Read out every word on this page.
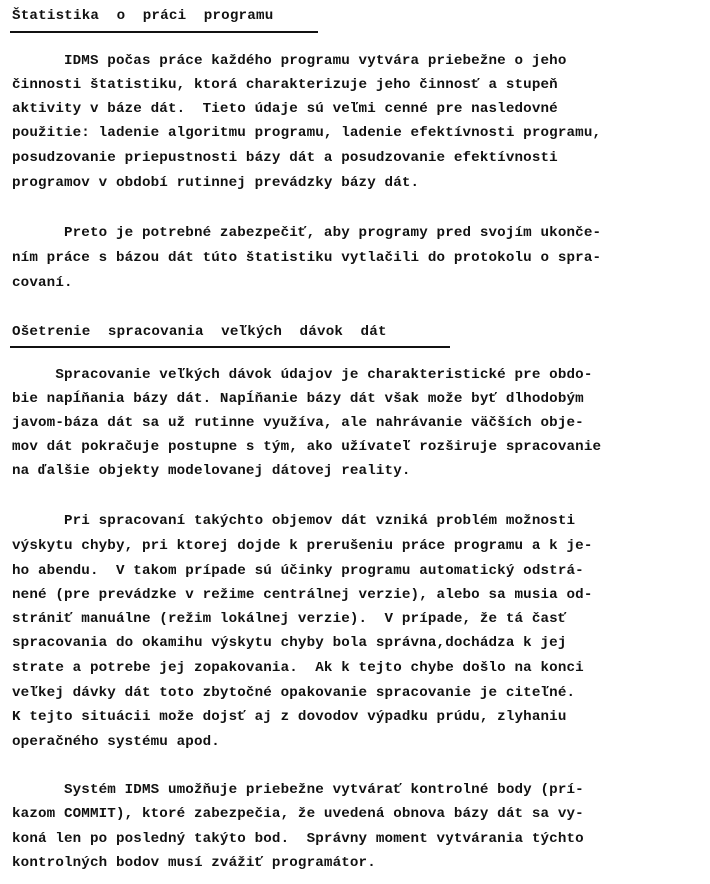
Štatistika  o  práci  programu
IDMS počas práce každého programu vytvára priebežne o jeho
činnosti štatistiku, ktorá charakterizuje jeho činnosť a stupeň
aktivity v báze dát.  Tieto údaje sú veľmi cenné pre nasledovné
použitie: ladenie algoritmu programu, ladenie efektívnosti programu,
posudzovanie priepustnosti bázy dát a posudzovanie efektívnosti
programov v období rutinnej prevádzky bázy dát.
Preto je potrebné zabezpečiť, aby programy pred svojím ukonče-
ním práce s bázou dát túto štatistiku vytlačili do protokolu o spra-
covaní.
Ošetrenie  spracovania  veľkých  dávok  dát
Spracovanie veľkých dávok údajov je charakteristické pre obdo-
bie napĺňania bázy dát. Napĺňanie bázy dát však može byť dlhodobým
javom-báza dát sa už rutinne využíva, ale nahrávanie väčších obje-
mov dát pokračuje postupne s tým, ako užívateľ rozširuje spracovanie
na ďalšie objekty modelovanej dátovej reality.
Pri spracovaní takýchto objemov dát vzniká problém možnosti
výskytu chyby, pri ktorej dojde k prerušeniu práce programu a k je-
ho abendu.  V takom prípade sú účinky programu automatický odstrá-
nené (pre prevádzke v režime centrálnej verzie), alebo sa musia od-
strániť manuálne (režim lokálnej verzie).  V prípade, že tá časť
spracovania do okamihu výskytu chyby bola správna,dochádza k jej
strate a potrebe jej zopakovania.  Ak k tejto chybe došlo na konci
veľkej dávky dát toto zbytočné opakovanie spracovanie je citeľné.
K tejto situácii može dojsť aj z dovodov výpadku prúdu, zlyhaniu
operačného systému apod.
Systém IDMS umožňuje priebežne vytvárať kontrolné body (prí-
kazom COMMIT), ktoré zabezpečia, že uvedená obnova bázy dát sa vy-
koná len po posledný takýto bod.  Správny moment vytvárania týchto
kontrolných bodov musí zvážiť programátor.
